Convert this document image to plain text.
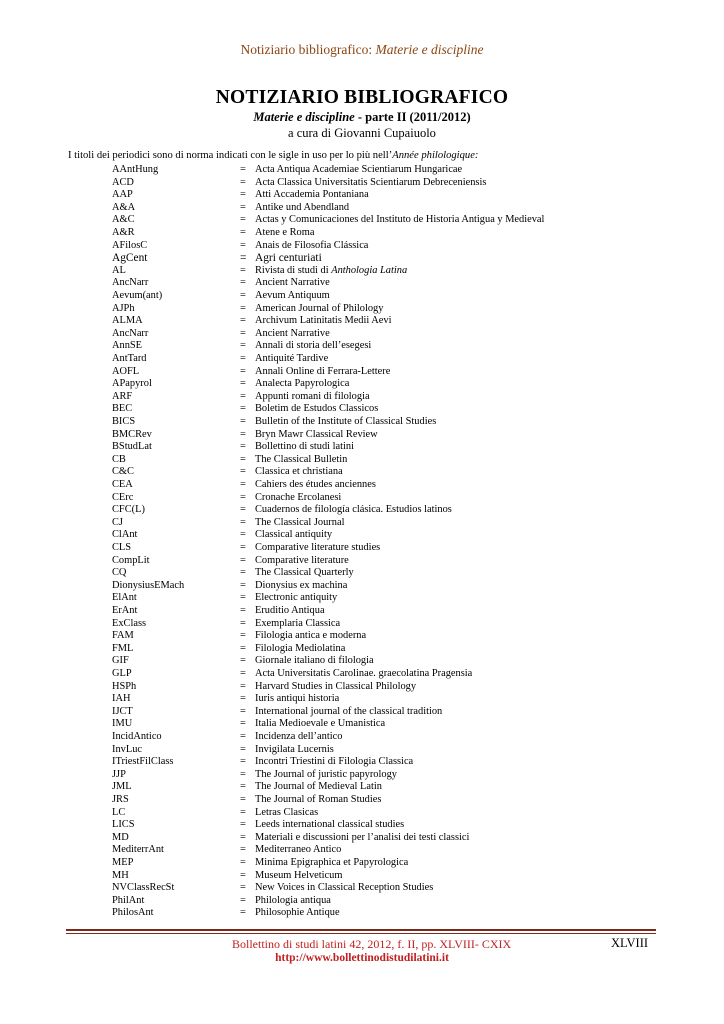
Notiziario bibliografico: Materie e discipline
NOTIZIARIO BIBLIOGRAFICO
Materie e discipline - parte II (2011/2012)
a cura di Giovanni Cupaiuolo
I titoli dei periodici sono di norma indicati con le sigle in uso per lo più nell’Année philologique:
AAntHung	= Acta Antiqua Academiae Scientiarum Hungaricae
ACD	= Acta Classica Universitatis Scientiarum Debreceniensis
AAP	= Atti Accademia Pontaniana
A&A	= Antike und Abendland
A&C	= Actas y Comunicaciones del Instituto de Historia Antigua y Medieval
A&R	= Atene e Roma
AFilosC	= Anais de Filosofia Clássica
AgCent	= Agri centuriati
AL	= Rivista di studi di Anthologia Latina
AncNarr	= Ancient Narrative
Aevum(ant)	= Aevum Antiquum
AJPh	= American Journal of Philology
ALMA	= Archivum Latinitatis Medii Aevi
AncNarr	= Ancient Narrative
AnnSE	= Annali di storia dell’esegesi
AntTard	= Antiquité Tardive
AOFL	= Annali Online di Ferrara-Lettere
APapyrol	= Analecta Papyrologica
ARF	= Appunti romani di filologia
BEC	= Boletim de Estudos Classicos
BICS	= Bulletin of the Institute of Classical Studies
BMCRev	= Bryn Mawr Classical Review
BStudLat	= Bollettino di studi latini
CB	= The Classical Bulletin
C&C	= Classica et christiana
CEA	= Cahiers des études anciennes
CErc	= Cronache Ercolanesi
CFC(L)	= Cuadernos de filología clásica. Estudios latinos
CJ	= The Classical Journal
ClAnt	= Classical antiquity
CLS	= Comparative literature studies
CompLit	= Comparative literature
CQ	= The Classical Quarterly
DionysiusEMach	= Dionysius ex machina
ElAnt	= Electronic antiquity
ErAnt	= Eruditio Antiqua
ExClass	= Exemplaria Classica
FAM	= Filologia antica e moderna
FML	= Filologia Mediolatina
GIF	= Giornale italiano di filologia
GLP	= Acta Universitatis Carolinae. graecolatina Pragensia
HSPh	= Harvard Studies in Classical Philology
IAH	= Iuris antiqui historia
IJCT	= International journal of the classical tradition
IMU	= Italia Medioevale e Umanistica
IncidAntico	= Incidenza dell’antico
InvLuc	= Invigilata Lucernis
ITriestFilClass	= Incontri Triestini di Filologia Classica
JJP	= The Journal of juristic papyrology
JML	= The Journal of Medieval Latin
JRS	= The Journal of Roman Studies
LC	= Letras Clasicas
LICS	= Leeds international classical studies
MD	= Materiali e discussioni per l’analisi dei testi classici
MediterrAnt	= Mediterraneo Antico
MEP	= Minima Epigraphica et Papyrologica
MH	= Museum Helveticum
NVClassRecSt	= New Voices in Classical Reception Studies
PhilAnt	= Philologia antiqua
PhilosAnt	= Philosophie Antique
Bollettino di studi latini 42, 2012, f. II, pp. XLVIII- CXIX	XLVIII
http://www.bollettinodistudilatini.it
